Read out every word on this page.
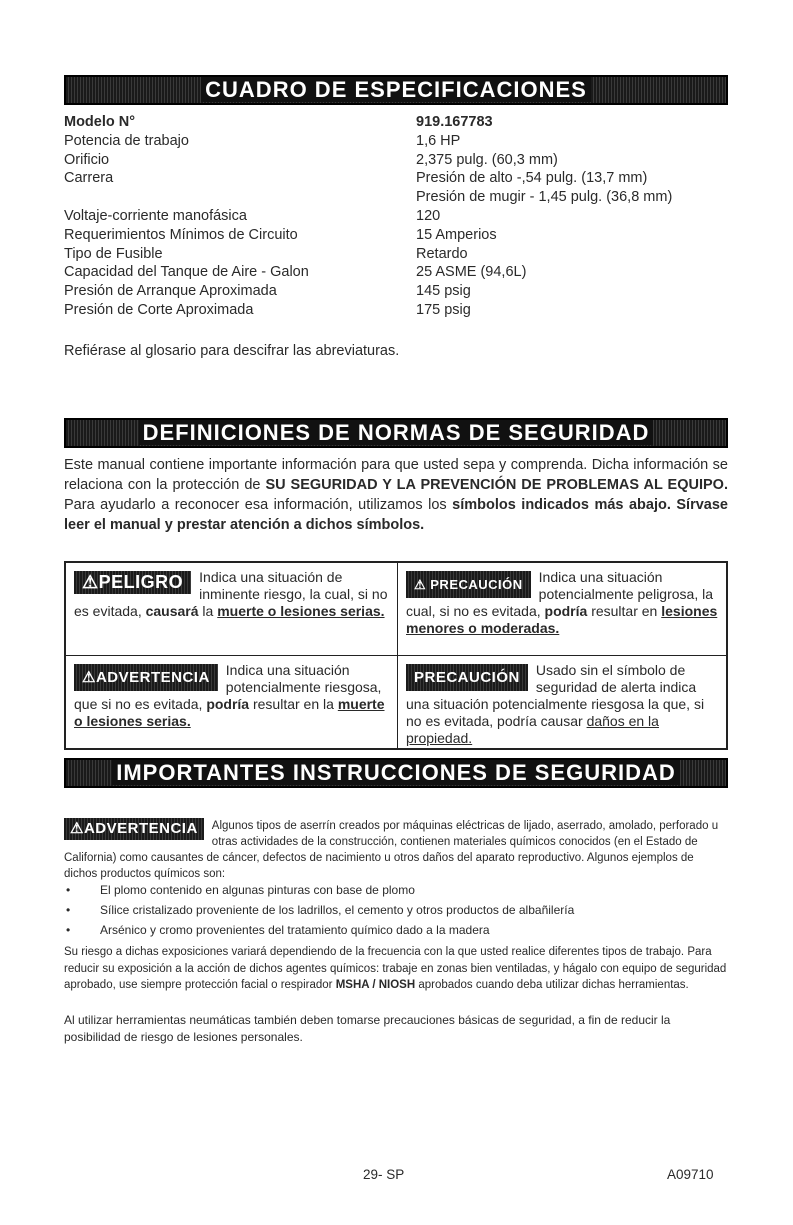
CUADRO DE ESPECIFICACIONES
Modelo N°	919.167783
Potencia de trabajo	1,6 HP
Orificio	2,375 pulg. (60,3 mm)
Carrera	Presión de alto -,54 pulg. (13,7 mm)
Presión de mugir - 1,45 pulg. (36,8 mm)
Voltaje-corriente manofásica	120
Requerimientos Mínimos de Circuito	15 Amperios
Tipo de Fusible	Retardo
Capacidad del Tanque de Aire - Galon	25 ASME (94,6L)
Presión de Arranque Aproximada	145 psig
Presión de Corte Aproximada	175 psig
Refiérase al glosario para descifrar las abreviaturas.
DEFINICIONES DE NORMAS DE SEGURIDAD
Este manual contiene importante información para que usted sepa y comprenda. Dicha información se relaciona con la protección de SU SEGURIDAD Y LA PREVENCIÓN DE PROBLEMAS AL EQUIPO. Para ayudarlo a reconocer esa información, utilizamos los símbolos indicados más abajo. Sírvase leer el manual y prestar atención a dichos símbolos.
⚠PELIGRO	Indica una situación de inminente riesgo, la cual, si no es evitada, causará la muerte o lesiones serias.
⚠ PRECAUCIÓN	Indica una situación potencialmente peligrosa, la cual, si no es evitada, podría resultar en lesiones menores o moderadas.
⚠ADVERTENCIA	Indica una situación potencialmente riesgosa, que si no es evitada, podría resultar en la muerte o lesiones serias.
PRECAUCIÓN	Usado sin el símbolo de seguridad de alerta indica una situación potencialmente riesgosa la que, si no es evitada, podría causar daños en la propiedad.
IMPORTANTES INSTRUCCIONES DE SEGURIDAD
⚠ADVERTENCIA	Algunos tipos de aserrín creados por máquinas eléctricas de lijado, aserrado, amolado, perforado u otras actividades de la construcción, contienen materiales químicos conocidos (en el Estado de California) como causantes de cáncer, defectos de nacimiento u otros daños del aparato reproductivo. Algunos ejemplos de dichos productos químicos son:
•	El plomo contenido en algunas pinturas con base de plomo
•	Sílice cristalizado proveniente de los ladrillos, el cemento y otros productos de albañilería
•	Arsénico y cromo provenientes del tratamiento químico dado a la madera
Su riesgo a dichas exposiciones variará dependiendo de la frecuencia con la que usted realice diferentes tipos de trabajo. Para reducir su exposición a la acción de dichos agentes químicos: trabaje en zonas bien ventiladas, y hágalo con equipo de seguridad aprobado, use siempre protección facial o respirador MSHA / NIOSH aprobados cuando deba utilizar dichas herramientas.
Al utilizar herramientas neumáticas también deben tomarse precauciones básicas de seguridad, a fin de reducir la posibilidad de riesgo de lesiones personales.
29- SP	A09710
